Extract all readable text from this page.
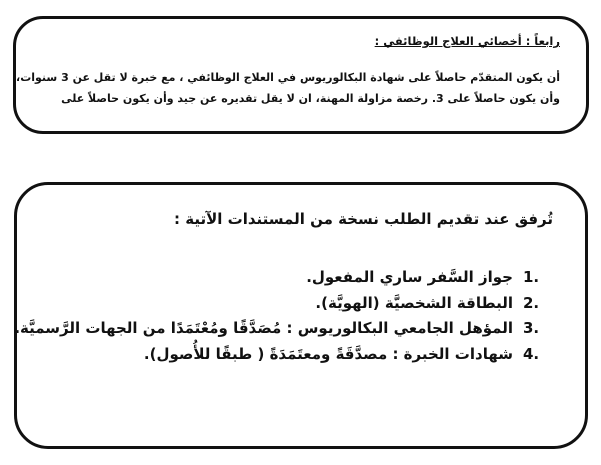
رابعاً : أخصائي العلاج الوظائفي :

أن يكون المتقدّم حاصلاً على شهادة البكالوريوس في العلاج الوظائفي ، مع خبرة لا تقل عن 3 سنوات،

وأن يكون حاصلاً على 3. رخصة مزاولة المهنة، ان لا يقل تقديره عن جيد وأن يكون حاصلاً على

تُرفق عند تقديم الطلب نسخة من المستندات الآتية :

1.
جواز السَّفر ساري المفعول.
2.
البطاقة الشخصيَّة (الهويَّة).
3.
المؤهل الجامعي البكالوريوس : مُصَدَّقًا ومُعْتَمَدًا من الجهات الرَّسميَّة.
4.
شهادات الخبرة : مصدَّقَةً ومعتَمَدَةً ( طبقًا للأُصول).
